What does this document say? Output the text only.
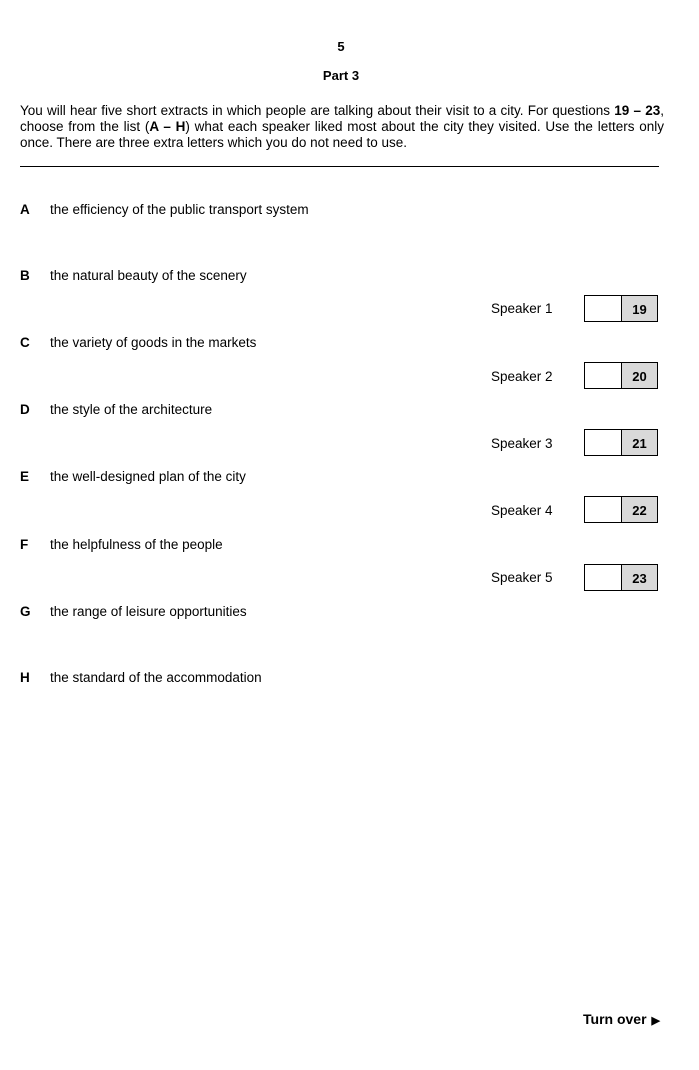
5
Part 3
You will hear five short extracts in which people are talking about their visit to a city. For questions 19 – 23, choose from the list (A – H) what each speaker liked most about the city they visited. Use the letters only once. There are three extra letters which you do not need to use.
A the efficiency of the public transport system
B the natural beauty of the scenery
C the variety of goods in the markets
D the style of the architecture
E the well-designed plan of the city
F the helpfulness of the people
G the range of leisure opportunities
H the standard of the accommodation
Speaker 1	19
Speaker 2	20
Speaker 3	21
Speaker 4	22
Speaker 5	23
Turn over ▶
